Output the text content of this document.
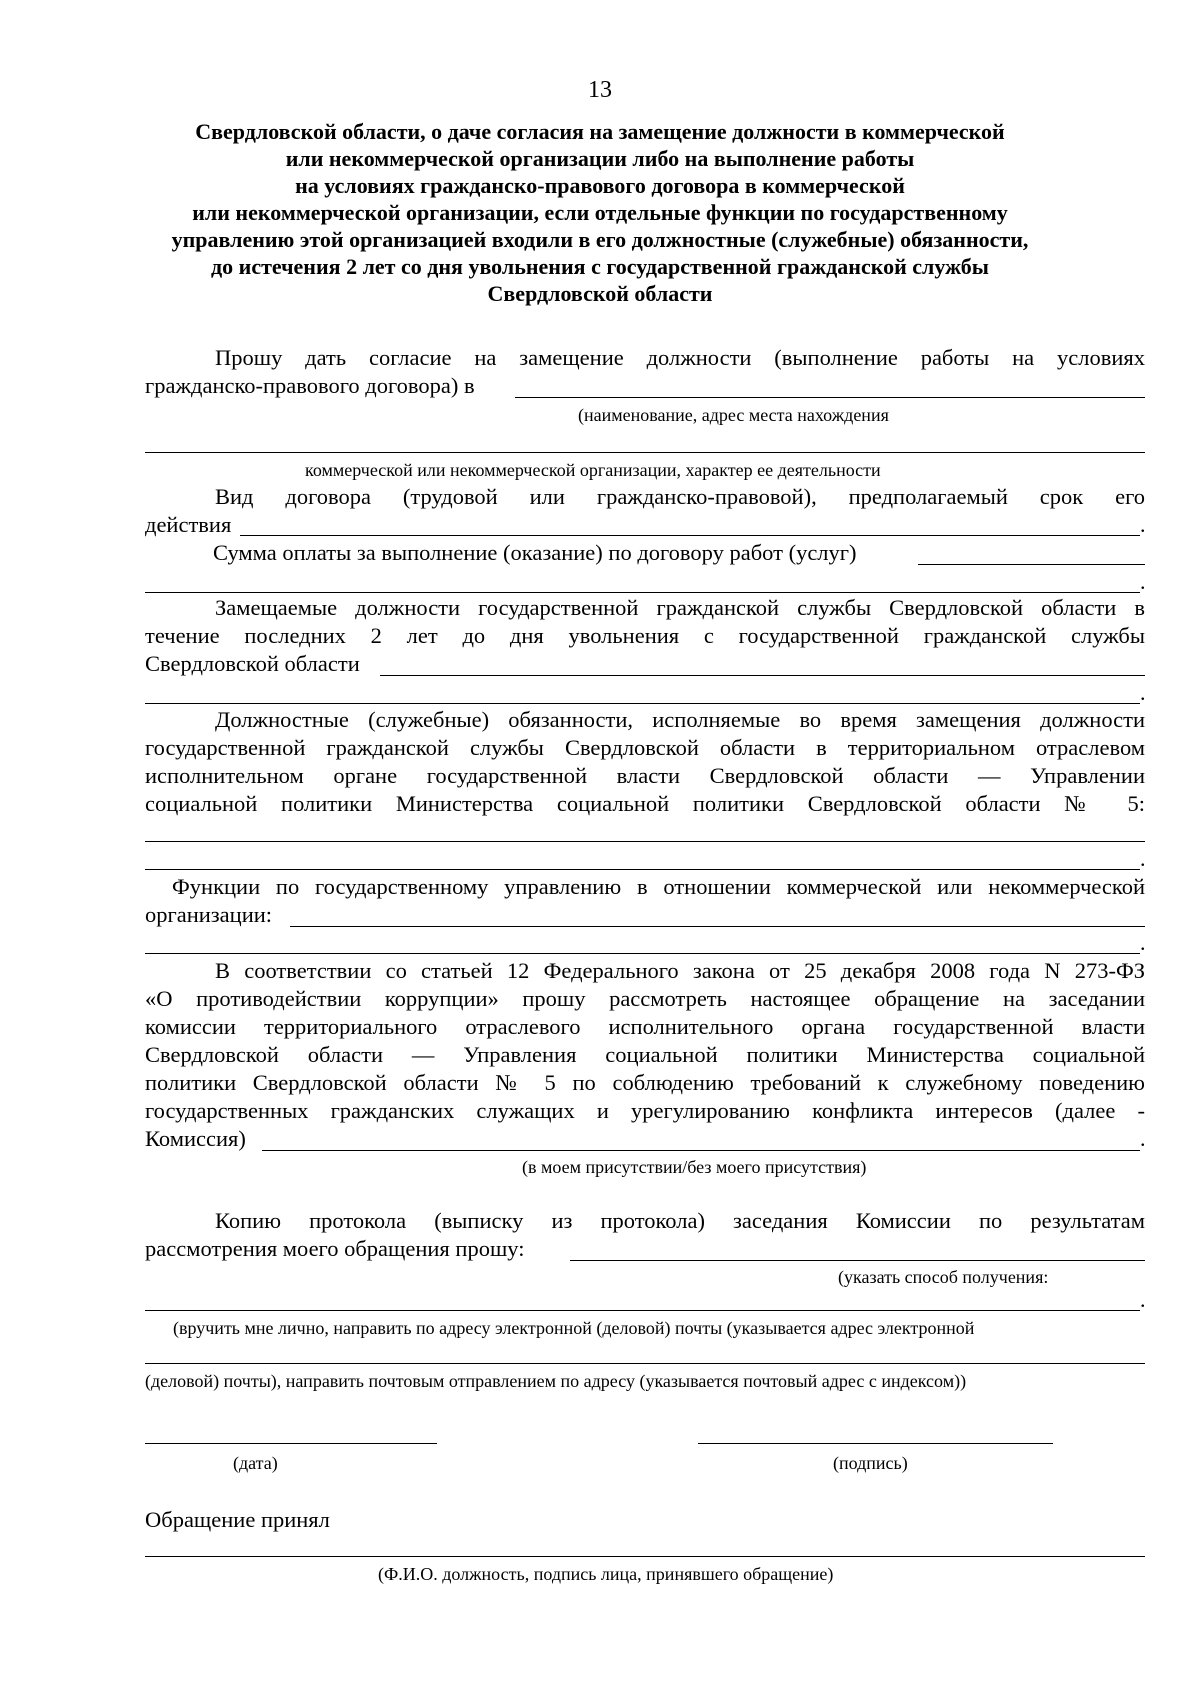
13
Свердловской области, о даче согласия на замещение должности в коммерческой
или некоммерческой организации либо на выполнение работы
на условиях гражданско-правового договора в коммерческой
или некоммерческой организации, если отдельные функции по государственному
управлению этой организацией входили в его должностные (служебные) обязанности,
до истечения 2 лет со дня увольнения с государственной гражданской службы
Свердловской области
Прошу дать согласие на замещение должности (выполнение работы на условиях
гражданско-правового договора) в
(наименование, адрес места нахождения
коммерческой или некоммерческой организации, характер ее деятельности
Вид договора (трудовой или гражданско-правовой), предполагаемый срок его
действия	.
Сумма оплаты за выполнение (оказание) по договору работ (услуг)
.
Замещаемые должности государственной гражданской службы Свердловской области в
течение последних 2 лет до дня увольнения с государственной гражданской службы
Свердловской области
.
Должностные (служебные) обязанности, исполняемые во время замещения должности
государственной гражданской службы Свердловской области в территориальном отраслевом
исполнительном органе государственной власти Свердловской области — Управлении
социальной политики Министерства социальной политики Свердловской области № 5:
.
Функции по государственному управлению в отношении коммерческой или некоммерческой
организации:
.
В соответствии со статьей 12 Федерального закона от 25 декабря 2008 года N 273-ФЗ
«О противодействии коррупции» прошу рассмотреть настоящее обращение на заседании
комиссии территориального отраслевого исполнительного органа государственной власти
Свердловской области — Управления социальной политики Министерства социальной
политики Свердловской области № 5 по соблюдению требований к служебному поведению
государственных гражданских служащих и урегулированию конфликта интересов (далее -
Комиссия)	.
(в моем присутствии/без моего присутствия)
Копию протокола (выписку из протокола) заседания Комиссии по результатам
рассмотрения моего обращения прошу:
(указать способ получения:
.
(вручить мне лично, направить по адресу электронной (деловой) почты (указывается адрес электронной
(деловой) почты), направить почтовым отправлением по адресу (указывается почтовый адрес с индексом))
(дата)	(подпись)
Обращение принял
(Ф.И.О. должность, подпись лица, принявшего обращение)
